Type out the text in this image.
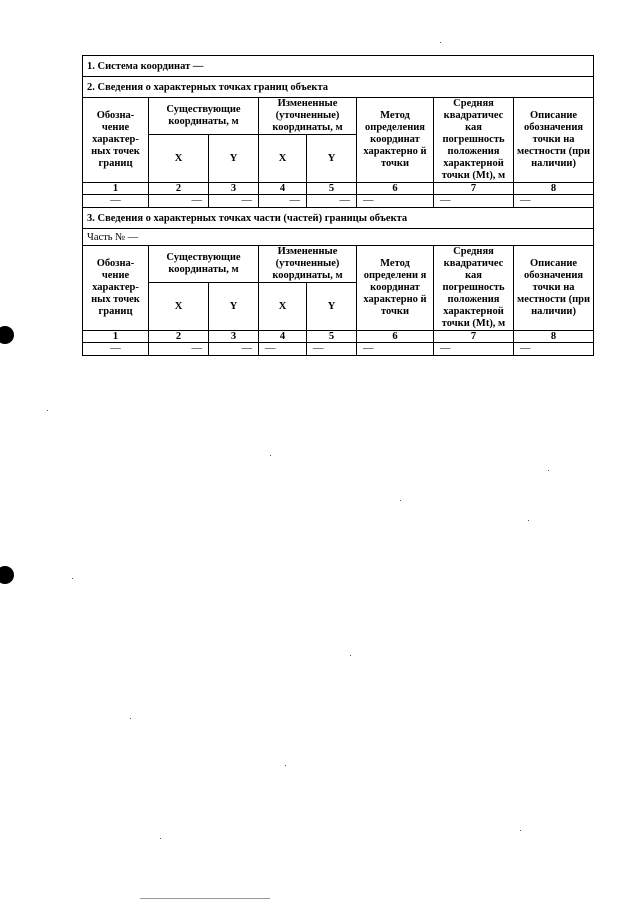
1. Система координат —							
2. Сведения о характерных точках границ объекта							
Обозна- чение характер- ных точек границ	Существующие координаты, м		Измененные (уточненные) координаты, м		Метод определения координат характерно й точки	Средняя квадратичес кая погрешность положения характерной точки (Мt), м	Описание обозначения точки на местности (при наличии)
	X	Y	X	Y			
1	2	3	4	5	6	7	8
—	—	—	—	—	—	—	—
3. Сведения о характерных точках части (частей) границы объекта							
Часть № —							
Обозна- чение характер- ных точек границ	Существующие координаты, м		Измененные (уточненные) координаты, м		Метод определени я координат характерно й точки	Средняя квадратичес кая погрешность положения характерной точки (Мt), м	Описание обозначения точки на местности (при наличии)
	X	Y	X	Y			
1	2	3	4	5	6	7	8
—	—	—	—	—	—	—	—
